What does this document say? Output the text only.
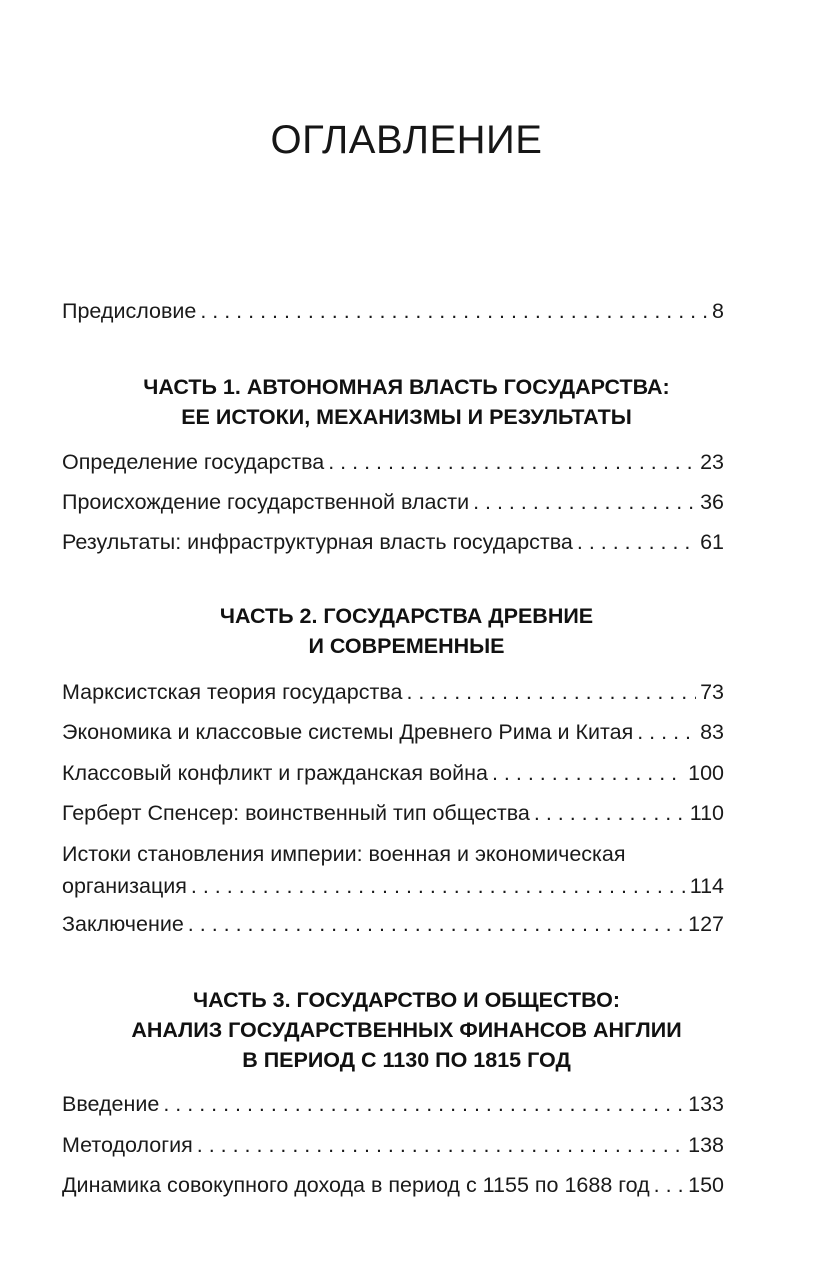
ОГЛАВЛЕНИЕ
Предисловие . . .	8
ЧАСТЬ 1. АВТОНОМНАЯ ВЛАСТЬ ГОСУДАРСТВА:
ЕЕ ИСТОКИ, МЕХАНИЗМЫ И РЕЗУЛЬТАТЫ
Определение государства . . .	23
Происхождение государственной власти . . .	36
Результаты: инфраструктурная власть государства . . .	61
ЧАСТЬ 2. ГОСУДАРСТВА ДРЕВНИЕ
И СОВРЕМЕННЫЕ
Марксистская теория государства . . .	73
Экономика и классовые системы Древнего Рима и Китая . . .	83
Классовый конфликт и гражданская война . . .	100
Герберт Спенсер: воинственный тип общества . . .	110
Истоки становления империи: военная и экономическая
организация . . .	114
Заключение . . .	127
ЧАСТЬ 3. ГОСУДАРСТВО И ОБЩЕСТВО:
АНАЛИЗ ГОСУДАРСТВЕННЫХ ФИНАНСОВ АНГЛИИ
В ПЕРИОД С 1130 ПО 1815 ГОД
Введение . . .	133
Методология . . .	138
Динамика совокупного дохода в период с 1155 по 1688 год . . . 150
